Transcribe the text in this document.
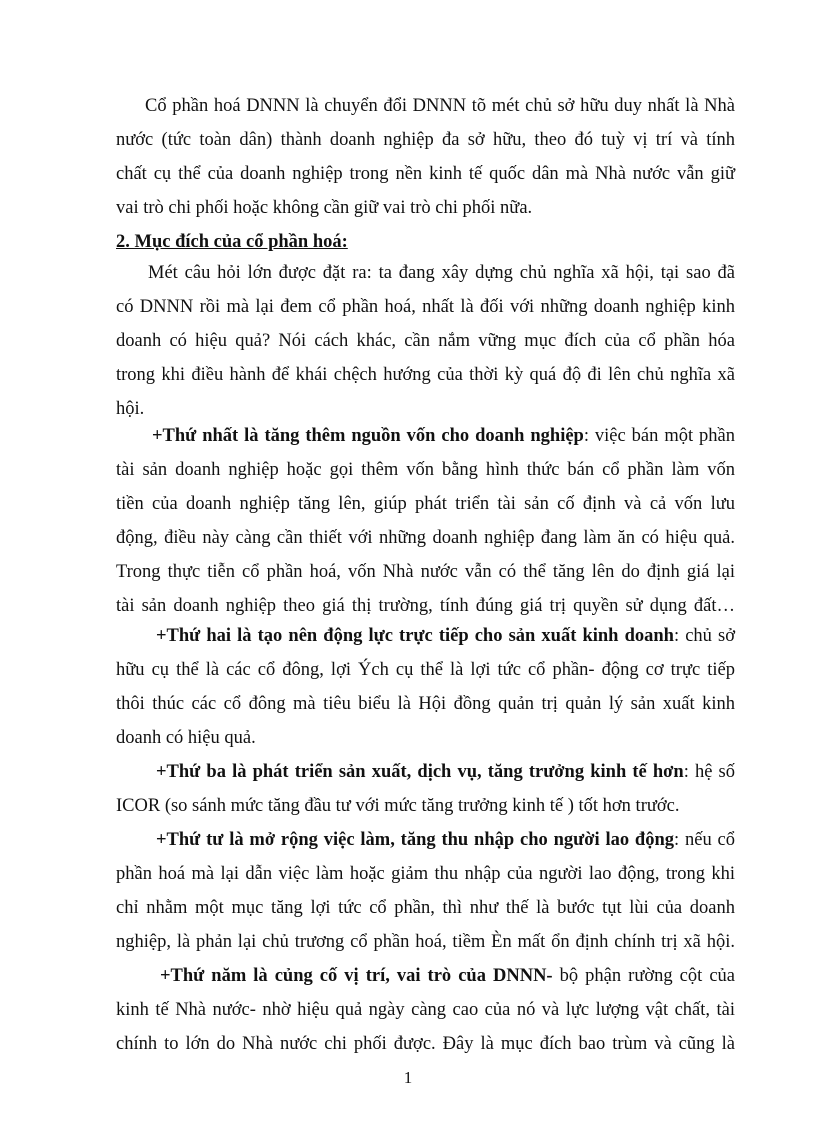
Cổ phần hoá DNNN là chuyển đổi DNNN tõ mét chủ sở hữu duy nhất là Nhà
nước (tức toàn dân) thành doanh nghiệp đa sở hữu, theo đó tuỳ vị trí và tính
chất cụ thể của doanh nghiệp trong nền kinh tế quốc dân mà Nhà nước vẫn giữ
vai trò chi phối hoặc không cần giữ vai trò chi phối nữa.
2. Mục đích của cổ phần hoá:
Mét câu hỏi lớn được đặt ra: ta đang xây dựng chủ nghĩa xã hội, tại sao đã
có DNNN rồi mà lại đem cổ phần hoá, nhất là đối với những doanh nghiệp kinh
doanh có hiệu quả? Nói cách khác, cần nắm vững mục đích của cổ phần hóa
trong khi điều hành để khái chệch hướng của thời kỳ quá độ đi lên chủ nghĩa xã
hội.
+Thứ nhất là tăng thêm nguồn vốn cho doanh nghiệp: việc bán một phần
tài sản doanh nghiệp hoặc gọi thêm vốn bằng hình thức bán cổ phần làm vốn
tiền của doanh nghiệp tăng lên, giúp phát triển tài sản cố định và cả vốn lưu
động, điều này càng cần thiết với những doanh nghiệp đang làm ăn có hiệu quả.
Trong thực tiễn cổ phần hoá, vốn Nhà nước vẫn có thể tăng lên do định giá lại
tài sản doanh nghiệp theo giá thị trường, tính đúng giá trị quyền sử dụng đất…
+Thứ hai là tạo nên động lực trực tiếp cho sản xuất kinh doanh: chủ sở
hữu cụ thể là các cổ đông, lợi Ých cụ thể là lợi tức cổ phần- động cơ trực tiếp
thôi thúc các cổ đông mà tiêu biểu là Hội đồng quản trị quản lý sản xuất kinh
doanh có hiệu quả.
+Thứ ba là phát triển sản xuất, dịch vụ, tăng trưởng kinh tế hơn: hệ số
ICOR (so sánh mức tăng đầu tư với mức tăng trưởng kinh tế ) tốt hơn trước.
+Thứ tư là mở rộng việc làm, tăng thu nhập cho người lao động: nếu cổ
phần hoá mà lại dẫn việc làm hoặc giảm thu nhập của người lao động, trong khi
chỉ nhằm một mục tăng lợi tức cổ phần, thì như thế là bước tụt lùi của doanh
nghiệp, là phản lại chủ trương cổ phần hoá, tiềm Èn mất ổn định chính trị xã hội.
+Thứ năm là củng cố vị trí, vai trò của DNNN- bộ phận rường cột của
kinh tế Nhà nước- nhờ hiệu quả ngày càng cao của nó và lực lượng vật chất, tài
chính to lớn do Nhà nước chi phối được. Đây là mục đích bao trùm và cũng là
1
